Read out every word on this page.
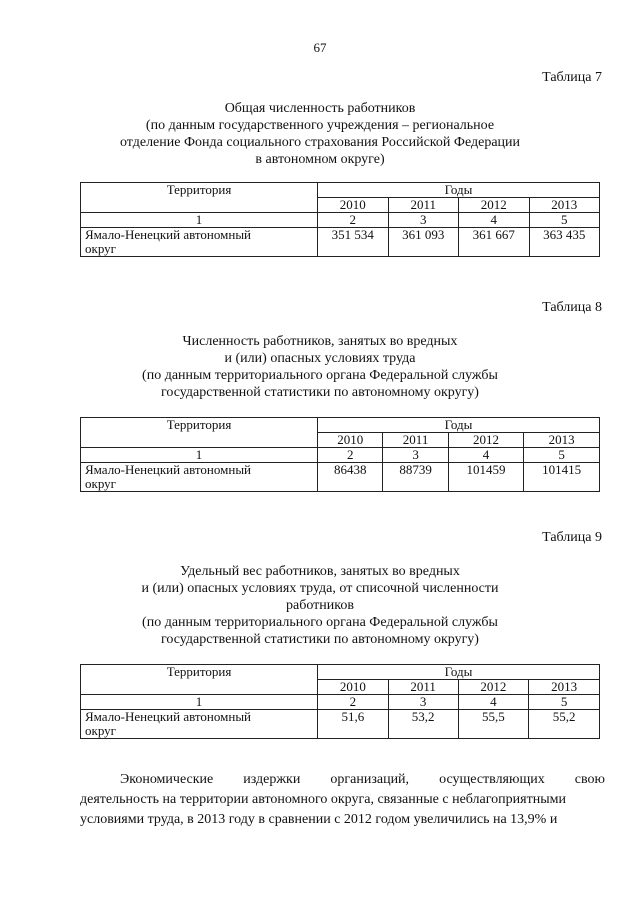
67
Таблица 7
Общая численность работников
(по данным государственного учреждения – региональное
отделение Фонда социального страхования Российской Федерации
в автономном округе)
Территория	Годы			
	2010	2011	2012	2013
1	2	3	4	5

Ямало-Ненецкий автономный
округ	351 534	361 093	361 667	363 435
Таблица 8
Численность работников, занятых во вредных
и (или) опасных условиях труда
(по данным территориального органа Федеральной службы
государственной статистики по автономному округу)
Территория	Годы			
	2010	2011	2012	2013
1	2	3	4	5

Ямало-Ненецкий автономный
округ	86438	88739	101459	101415
Таблица 9
Удельный вес работников, занятых во вредных
и (или) опасных условиях труда, от списочной численности
работников
(по данным территориального органа Федеральной службы
государственной статистики по автономному округу)
Территория	Годы			
	2010	2011	2012	2013
1	2	3	4	5

Ямало-Ненецкий автономный
округ	51,6	53,2	55,5	55,2
Экономические издержки организаций, осуществляющих свою
деятельность на территории автономного округа, связанные с неблагоприятными
условиями труда, в 2013 году в сравнении с 2012 годом увеличились на 13,9% и
